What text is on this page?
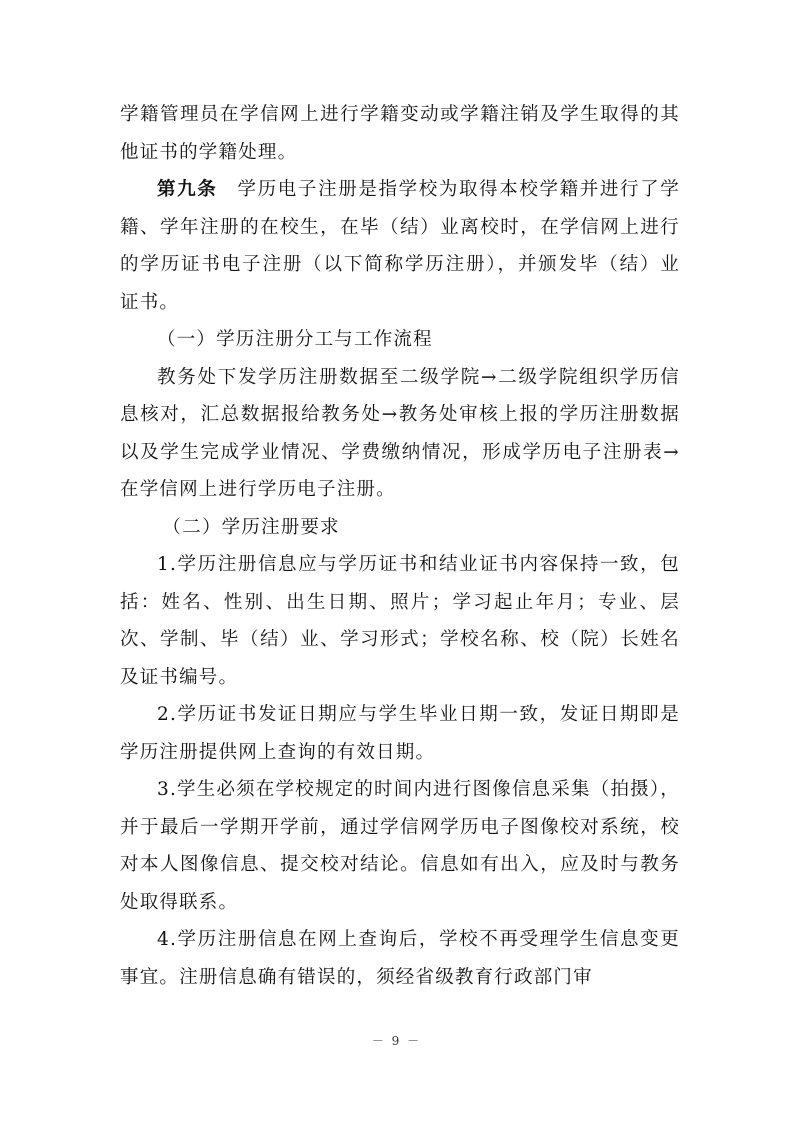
学籍管理员在学信网上进行学籍变动或学籍注销及学生取得的其他证书的学籍处理。

第九条　学历电子注册是指学校为取得本校学籍并进行了学籍、学年注册的在校生，在毕（结）业离校时，在学信网上进行的学历证书电子注册（以下简称学历注册），并颁发毕（结）业证书。

（一）学历注册分工与工作流程

教务处下发学历注册数据至二级学院→二级学院组织学历信息核对，汇总数据报给教务处→教务处审核上报的学历注册数据以及学生完成学业情况、学费缴纳情况，形成学历电子注册表→在学信网上进行学历电子注册。

（二）学历注册要求

1.学历注册信息应与学历证书和结业证书内容保持一致，包括：姓名、性别、出生日期、照片；学习起止年月；专业、层次、学制、毕（结）业、学习形式；学校名称、校（院）长姓名及证书编号。

2.学历证书发证日期应与学生毕业日期一致，发证日期即是学历注册提供网上查询的有效日期。

3.学生必须在学校规定的时间内进行图像信息采集（拍摄），并于最后一学期开学前，通过学信网学历电子图像校对系统，校对本人图像信息、提交校对结论。信息如有出入，应及时与教务处取得联系。

4.学历注册信息在网上查询后，学校不再受理学生信息变更事宜。注册信息确有错误的，须经省级教育行政部门审

－ 9 －
